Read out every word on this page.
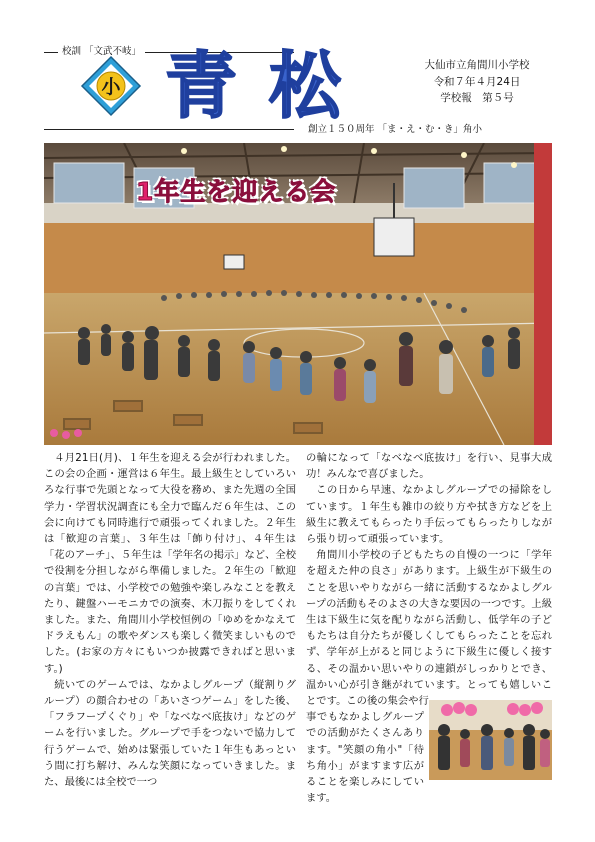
校訓 「文武不岐」
小 青 松	大仙市立角間川小学校
令和７年４月24日
学校報　第５号
創立１５０周年 「ま・え・む・き」角小
1年生を迎える会

４月21日(月)、１年生を迎える会が行われました。この会の企画・運営は６年生。最上級生としていろいろな行事で先頭となって大役を務め、また先週の全国学力・学習状況調査にも全力で臨んだ６年生は、この会に向けても同時進行で頑張ってくれました。２年生は「歓迎の言葉」、３年生は「飾り付け」、４年生は「花のアーチ」、５年生は「学年名の掲示」など、全校で役割を分担しながら準備しました。２年生の「歓迎の言葉」では、小学校での勉強や楽しみなことを教えたり、鍵盤ハーモニカでの演奏、木刀振りをしてくれました。また、角間川小学校恒例の「ゆめをかなえてドラえもん」の歌やダンスも楽しく微笑ましいものでした。(お家の方々にもいつか披露できればと思います。)

続いてのゲームでは、なかよしグループ（縦割りグループ）の顔合わせの「あいさつゲーム」をした後、「フラフープくぐり」や「なべなべ底抜け」などのゲームを行いました。グループで手をつないで協力して行うゲームで、始めは緊張していた１年生もあっという間に打ち解け、みんな笑顔になっていきました。また、最後には全校で一つ

の輪になって「なべなべ底抜け」を行い、見事大成功！みんなで喜びました。

この日から早速、なかよしグループでの掃除をしています。１年生も雑巾の絞り方や拭き方などを上級生に教えてもらったり手伝ってもらったりしながら張り切って頑張っています。

角間川小学校の子どもたちの自慢の一つに「学年を超えた仲の良さ」があります。上級生が下級生のことを思いやりながら一緒に活動するなかよしグループの活動もそのよさの大きな要因の一つです。上級生は下級生に気を配りながら活動し、低学年の子どもたちは自分たちが優しくしてもらったことを忘れず、学年が上がると同じように下級生に優しく接する、その温かい思いやりの連鎖がしっかりとでき、温かい心が引き継がれています。とっても嬉しいことです。この後の集会や行

事でもなかよしグループでの活動がたくさんあります。"笑顔の角小"「待ち角小」がますます広がることを楽しみにしています。
